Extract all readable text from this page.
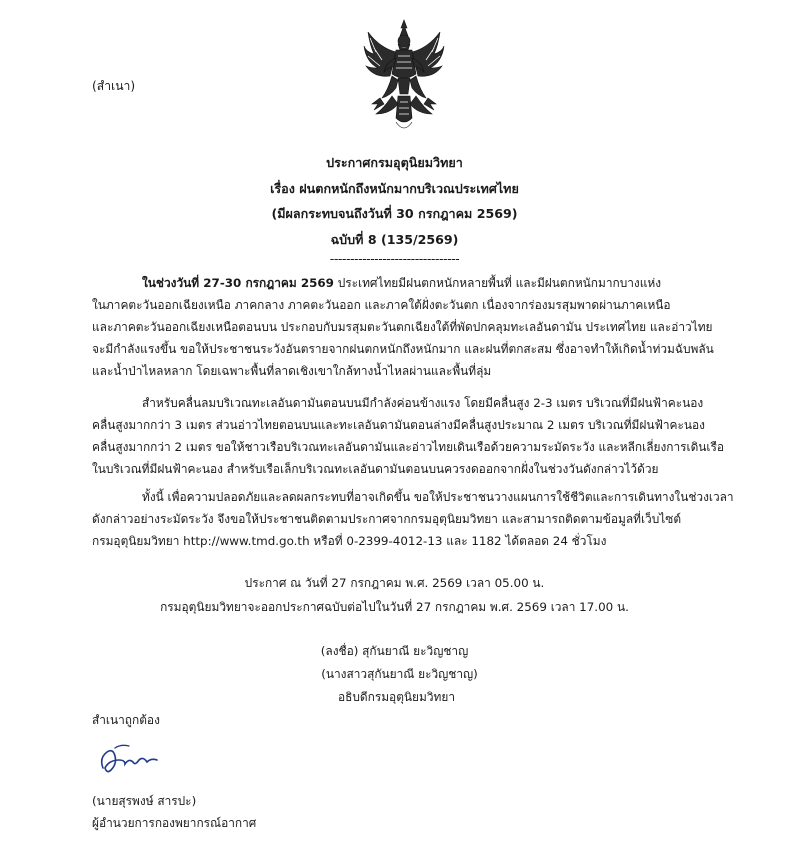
(สำเนา)
ประกาศกรมอุตุนิยมวิทยา
เรื่อง ฝนตกหนักถึงหนักมากบริเวณประเทศไทย
(มีผลกระทบจนถึงวันที่ 30 กรกฎาคม 2569)
ฉบับที่ 8 (135/2569)
--------------------------------
ในช่วงวันที่ 27-30 กรกฎาคม 2569 ประเทศไทยมีฝนตกหนักหลายพื้นที่ และมีฝนตกหนักมากบางแห่ง
ในภาคตะวันออกเฉียงเหนือ ภาคกลาง ภาคตะวันออก และภาคใต้ฝั่งตะวันตก เนื่องจากร่องมรสุมพาดผ่านภาคเหนือ
และภาคตะวันออกเฉียงเหนือตอนบน ประกอบกับมรสุมตะวันตกเฉียงใต้ที่พัดปกคลุมทะเลอันดามัน ประเทศไทย และอ่าวไทย
จะมีกำลังแรงขึ้น ขอให้ประชาชนระวังอันตรายจากฝนตกหนักถึงหนักมาก และฝนที่ตกสะสม ซึ่งอาจทำให้เกิดน้ำท่วมฉับพลัน
และน้ำป่าไหลหลาก โดยเฉพาะพื้นที่ลาดเชิงเขาใกล้ทางน้ำไหลผ่านและพื้นที่ลุ่ม
สำหรับคลื่นลมบริเวณทะเลอันดามันตอนบนมีกำลังค่อนข้างแรง โดยมีคลื่นสูง 2-3 เมตร บริเวณที่มีฝนฟ้าคะนอง
คลื่นสูงมากกว่า 3 เมตร ส่วนอ่าวไทยตอนบนและทะเลอันดามันตอนล่างมีคลื่นสูงประมาณ 2 เมตร บริเวณที่มีฝนฟ้าคะนอง
คลื่นสูงมากกว่า 2 เมตร ขอให้ชาวเรือบริเวณทะเลอันดามันและอ่าวไทยเดินเรือด้วยความระมัดระวัง และหลีกเลี่ยงการเดินเรือ
ในบริเวณที่มีฝนฟ้าคะนอง สำหรับเรือเล็กบริเวณทะเลอันดามันตอนบนควรงดออกจากฝั่งในช่วงวันดังกล่าวไว้ด้วย
ทั้งนี้ เพื่อความปลอดภัยและลดผลกระทบที่อาจเกิดขึ้น ขอให้ประชาชนวางแผนการใช้ชีวิตและการเดินทางในช่วงเวลา
ดังกล่าวอย่างระมัดระวัง จึงขอให้ประชาชนติดตามประกาศจากกรมอุตุนิยมวิทยา และสามารถติดตามข้อมูลที่เว็บไซต์
กรมอุตุนิยมวิทยา http://www.tmd.go.th หรือที่ 0-2399-4012-13 และ 1182 ได้ตลอด 24 ชั่วโมง
ประกาศ ณ วันที่ 27 กรกฎาคม พ.ศ. 2569 เวลา 05.00 น.
กรมอุตุนิยมวิทยาจะออกประกาศฉบับต่อไปในวันที่ 27 กรกฎาคม พ.ศ. 2569 เวลา 17.00 น.
(ลงชื่อ) สุกันยาณี ยะวิญชาญ
(นางสาวสุกันยาณี ยะวิญชาญ)
อธิบดีกรมอุตุนิยมวิทยา
สำเนาถูกต้อง
(นายสุรพงษ์ สารปะ)
ผู้อำนวยการกองพยากรณ์อากาศ
